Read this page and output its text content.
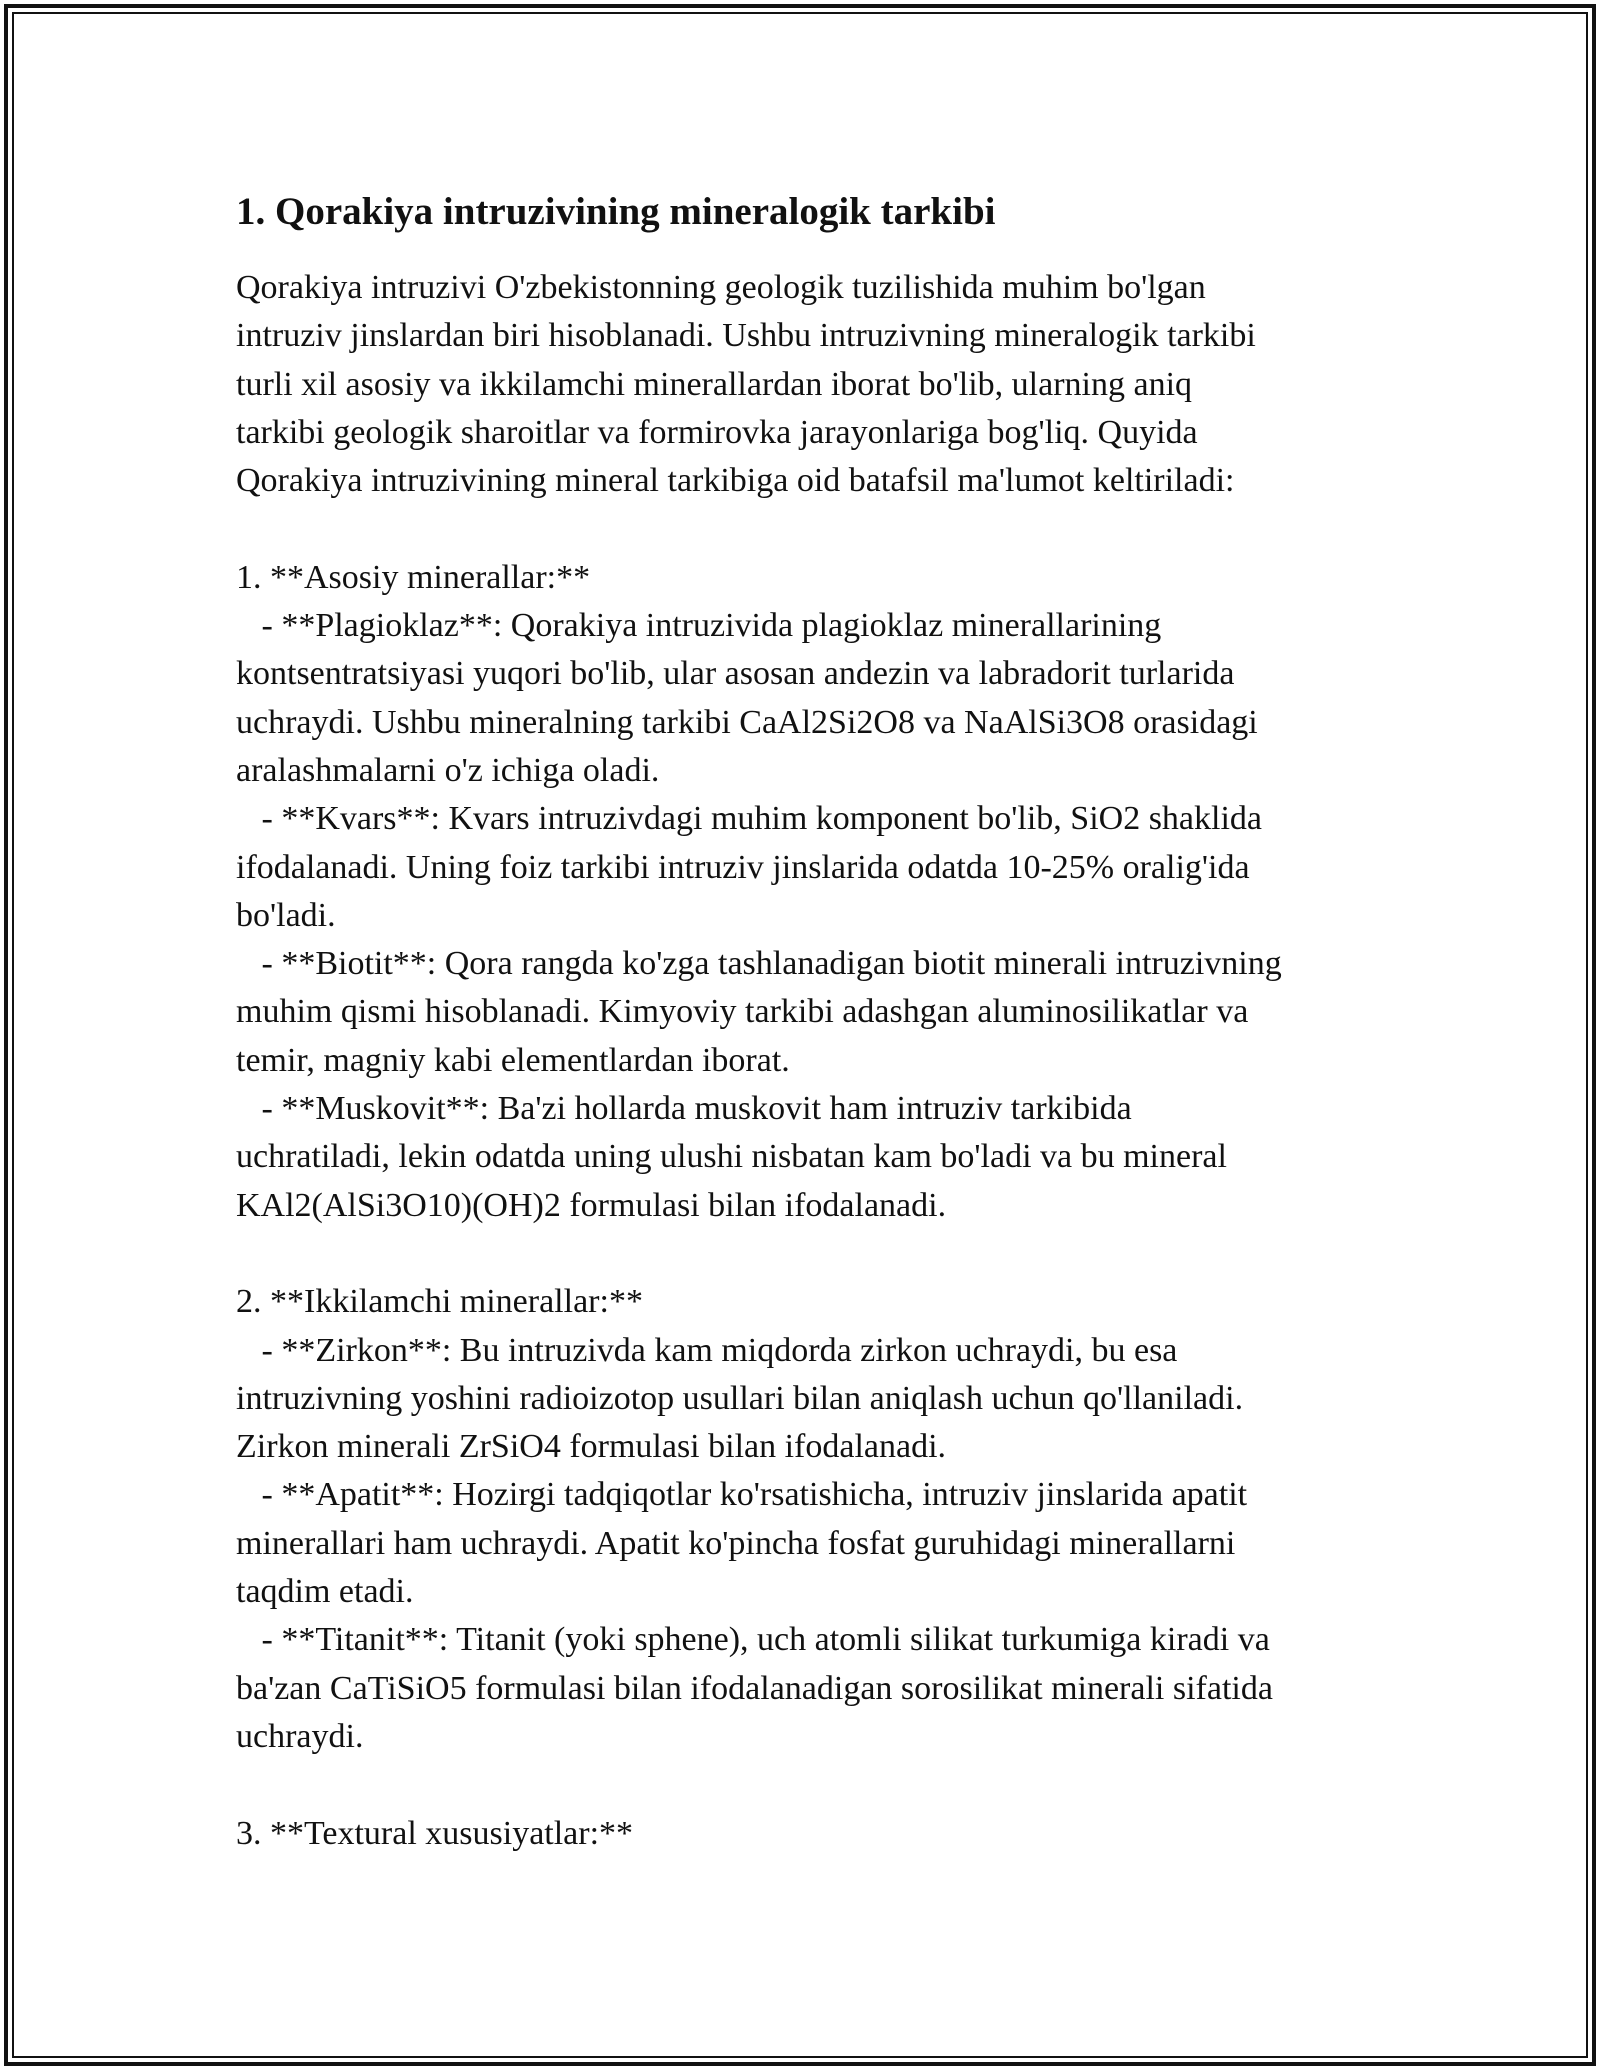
1. Qorakiya intruzivining mineralogik tarkibi
Qorakiya intruzivi O'zbekistonning geologik tuzilishida muhim bo'lgan
intruziv jinslardan biri hisoblanadi. Ushbu intruzivning mineralogik tarkibi
turli xil asosiy va ikkilamchi minerallardan iborat bo'lib, ularning aniq
tarkibi geologik sharoitlar va formirovka jarayonlariga bog'liq. Quyida
Qorakiya intruzivining mineral tarkibiga oid batafsil ma'lumot keltiriladi:
1. **Asosiy minerallar:**
- **Plagioklaz**: Qorakiya intruzivida plagioklaz minerallarining
kontsentratsiyasi yuqori bo'lib, ular asosan andezin va labradorit turlarida
uchraydi. Ushbu mineralning tarkibi CaAl2Si2O8 va NaAlSi3O8 orasidagi
aralashmalarni o'z ichiga oladi.
- **Kvars**: Kvars intruzivdagi muhim komponent bo'lib, SiO2 shaklida
ifodalanadi. Uning foiz tarkibi intruziv jinslarida odatda 10-25% oralig'ida
bo'ladi.
- **Biotit**: Qora rangda ko'zga tashlanadigan biotit minerali intruzivning
muhim qismi hisoblanadi. Kimyoviy tarkibi adashgan aluminosilikatlar va
temir, magniy kabi elementlardan iborat.
- **Muskovit**: Ba'zi hollarda muskovit ham intruziv tarkibida
uchratiladi, lekin odatda uning ulushi nisbatan kam bo'ladi va bu mineral
KAl2(AlSi3O10)(OH)2 formulasi bilan ifodalanadi.
2. **Ikkilamchi minerallar:**
- **Zirkon**: Bu intruzivda kam miqdorda zirkon uchraydi, bu esa
intruzivning yoshini radioizotop usullari bilan aniqlash uchun qo'llaniladi.
Zirkon minerali ZrSiO4 formulasi bilan ifodalanadi.
- **Apatit**: Hozirgi tadqiqotlar ko'rsatishicha, intruziv jinslarida apatit
minerallari ham uchraydi. Apatit ko'pincha fosfat guruhidagi minerallarni
taqdim etadi.
- **Titanit**: Titanit (yoki sphene), uch atomli silikat turkumiga kiradi va
ba'zan CaTiSiO5 formulasi bilan ifodalanadigan sorosilikat minerali sifatida
uchraydi.
3. **Textural xususiyatlar:**
